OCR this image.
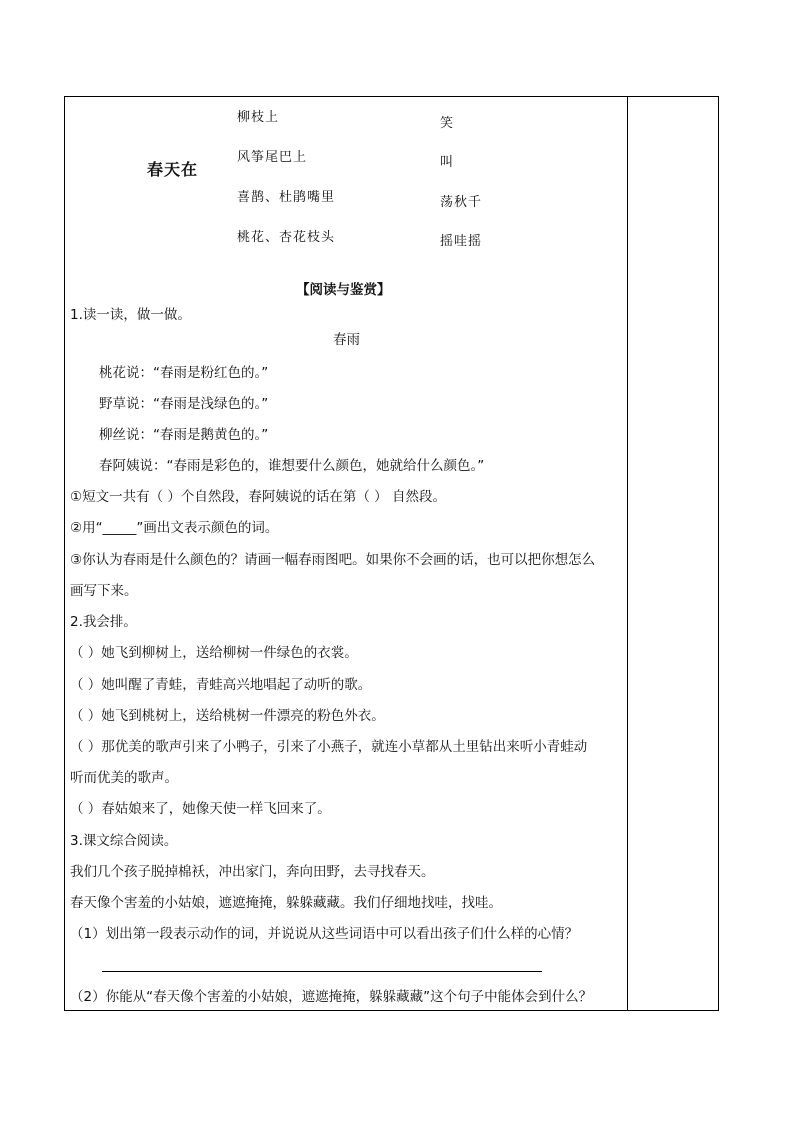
春天在
柳枝上
风筝尾巴上
喜鹊、杜鹃嘴里
桃花、杏花枝头
笑
叫
荡秋千
摇哇摇
【阅读与鉴赏】
1.读一读，做一做。
春雨
桃花说：“春雨是粉红色的。”
野草说：“春雨是浅绿色的。”
柳丝说：“春雨是鹅黄色的。”
春阿姨说：“春雨是彩色的，谁想要什么颜色，她就给什么颜色。”
①短文一共有（ ）个自然段，春阿姨说的话在第（ ） 自然段。
②用“_____”画出文表示颜色的词。
③你认为春雨是什么颜色的？请画一幅春雨图吧。如果你不会画的话，也可以把你想怎么
画写下来。
2.我会排。
（ ）她飞到柳树上，送给柳树一件绿色的衣裳。
（ ）她叫醒了青蛙，青蛙高兴地唱起了动听的歌。
（ ）她飞到桃树上，送给桃树一件漂亮的粉色外衣。
（ ）那优美的歌声引来了小鸭子，引来了小燕子，就连小草都从土里钻出来听小青蛙动
听而优美的歌声。
（ ）春姑娘来了，她像天使一样飞回来了。
3.课文综合阅读。
我们几个孩子脱掉棉袄，冲出家门，奔向田野，去寻找春天。
春天像个害羞的小姑娘，遮遮掩掩，躲躲藏藏。我们仔细地找哇，找哇。
（1）划出第一段表示动作的词，并说说从这些词语中可以看出孩子们什么样的心情？
（2）你能从“春天像个害羞的小姑娘，遮遮掩掩，躲躲藏藏”这个句子中能体会到什么？
